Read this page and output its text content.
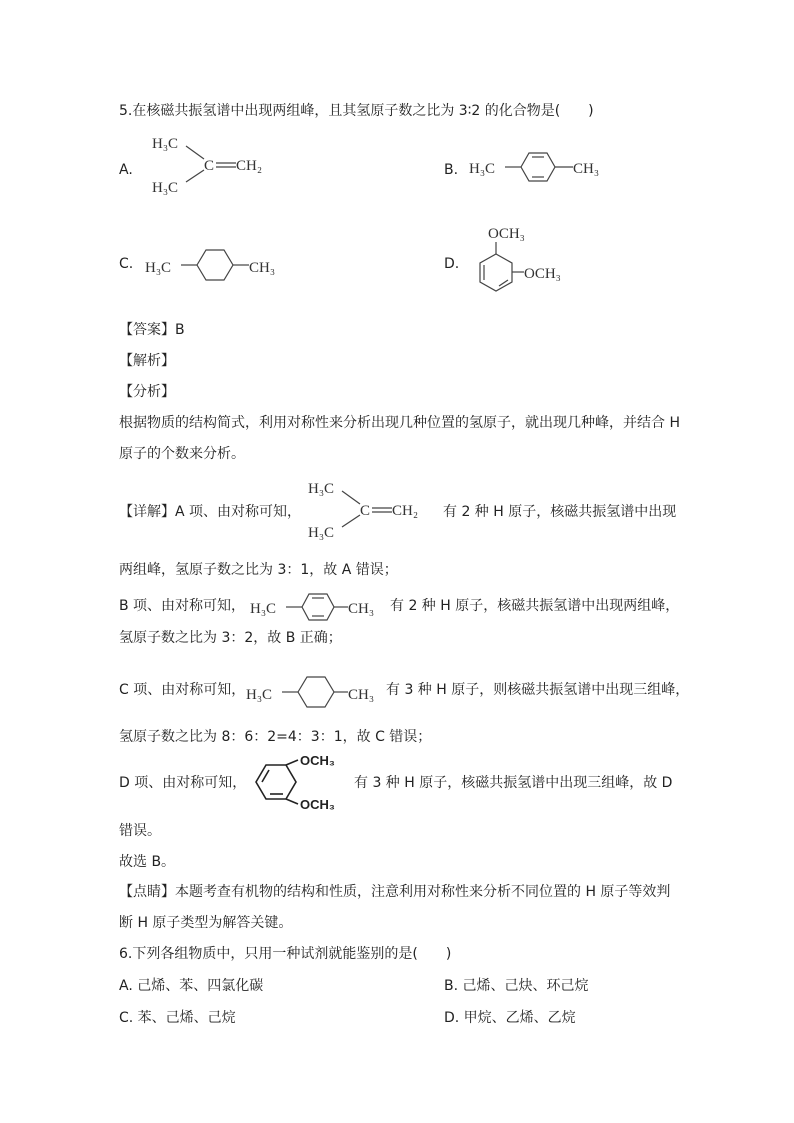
5.在核磁共振氢谱中出现两组峰，且其氢原子数之比为 3∶2 的化合物是(　　)
A.
H₃C
H₃C
C CH₂	B. H₃C	CH₃
C. H₃C	CH₃	D.
OCH₃
OCH₃
【答案】B
【解析】
【分析】
根据物质的结构简式，利用对称性来分析出现几种位置的氢原子，就出现几种峰，并结合 H
原子的个数来分析。
【详解】A 项、由对称可知，
H₃C
H₃C
C CH₂ 有 2 种 H 原子，核磁共振氢谱中出现
两组峰，氢原子数之比为 3：1，故 A 错误；
B 项、由对称可知， H₃C	CH₃ 有 2 种 H 原子，核磁共振氢谱中出现两组峰，
氢原子数之比为 3：2，故 B 正确；
C 项、由对称可知， H₃C	CH₃ 有 3 种 H 原子，则核磁共振氢谱中出现三组峰，
氢原子数之比为 8：6：2=4：3：1，故 C 错误；
D 项、由对称可知，
OCH₃
OCH₃
有 3 种 H 原子，核磁共振氢谱中出现三组峰，故 D
错误。
故选 B。
【点睛】本题考查有机物的结构和性质，注意利用对称性来分析不同位置的 H 原子等效判
断 H 原子类型为解答关键。
6.下列各组物质中，只用一种试剂就能鉴别的是(　　)
A. 己烯、苯、四氯化碳	B. 己烯、己炔、环己烷
C. 苯、己烯、己烷	D. 甲烷、乙烯、乙烷
